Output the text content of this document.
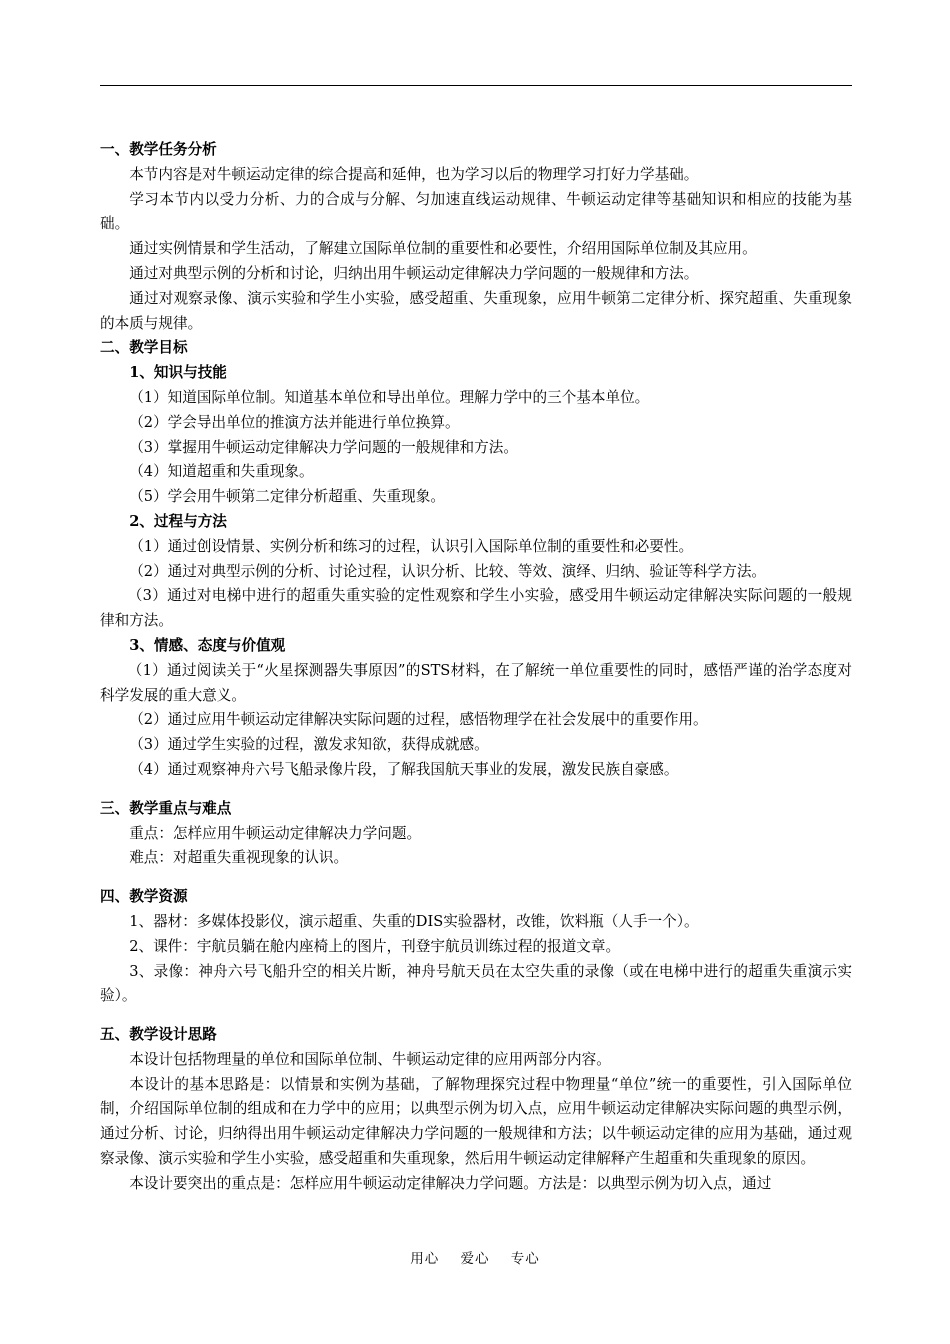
一、教学任务分析

本节内容是对牛顿运动定律的综合提高和延伸，也为学习以后的物理学习打好力学基础。

学习本节内以受力分析、力的合成与分解、匀加速直线运动规律、牛顿运动定律等基础知识和相应的技能为基础。

通过实例情景和学生活动，了解建立国际单位制的重要性和必要性，介绍用国际单位制及其应用。

通过对典型示例的分析和讨论，归纳出用牛顿运动定律解决力学问题的一般规律和方法。

通过对观察录像、演示实验和学生小实验，感受超重、失重现象，应用牛顿第二定律分析、探究超重、失重现象的本质与规律。

二、教学目标

1、知识与技能

（1）知道国际单位制。知道基本单位和导出单位。理解力学中的三个基本单位。

（2）学会导出单位的推演方法并能进行单位换算。

（3）掌握用牛顿运动定律解决力学问题的一般规律和方法。

（4）知道超重和失重现象。

（5）学会用牛顿第二定律分析超重、失重现象。

2、过程与方法

（1）通过创设情景、实例分析和练习的过程，认识引入国际单位制的重要性和必要性。

（2）通过对典型示例的分析、讨论过程，认识分析、比较、等效、演绎、归纳、验证等科学方法。

（3）通过对电梯中进行的超重失重实验的定性观察和学生小实验，感受用牛顿运动定律解决实际问题的一般规律和方法。

3、情感、态度与价值观

（1）通过阅读关于“火星探测器失事原因”的STS材料，在了解统一单位重要性的同时，感悟严谨的治学态度对科学发展的重大意义。

（2）通过应用牛顿运动定律解决实际问题的过程，感悟物理学在社会发展中的重要作用。

（3）通过学生实验的过程，激发求知欲，获得成就感。

（4）通过观察神舟六号飞船录像片段，了解我国航天事业的发展，激发民族自豪感。

三、教学重点与难点

重点：怎样应用牛顿运动定律解决力学问题。

难点：对超重失重视现象的认识。

四、教学资源

1、器材：多媒体投影仪，演示超重、失重的DIS实验器材，改锥，饮料瓶（人手一个）。

2、课件：宇航员躺在舱内座椅上的图片，刊登宇航员训练过程的报道文章。

3、录像：神舟六号飞船升空的相关片断，神舟号航天员在太空失重的录像（或在电梯中进行的超重失重演示实验）。

五、教学设计思路

本设计包括物理量的单位和国际单位制、牛顿运动定律的应用两部分内容。

本设计的基本思路是：以情景和实例为基础，了解物理探究过程中物理量“单位”统一的重要性，引入国际单位制，介绍国际单位制的组成和在力学中的应用；以典型示例为切入点，应用牛顿运动定律解决实际问题的典型示例，通过分析、讨论，归纳得出用牛顿运动定律解决力学问题的一般规律和方法；以牛顿运动定律的应用为基础，通过观察录像、演示实验和学生小实验，感受超重和失重现象，然后用牛顿运动定律解释产生超重和失重现象的原因。

本设计要突出的重点是：怎样应用牛顿运动定律解决力学问题。方法是：以典型示例为切入点，通过

用心 爱心 专心
